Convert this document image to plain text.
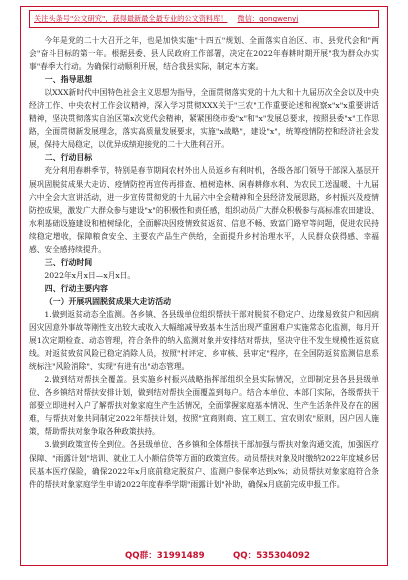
关注头条号"公文研究"，获得最新最全最专业的公文资料库！ 微信：gongwenyj

今年是党的二十大召开之年，也是加快实施"十四五"规划、全面落实自治区、市、县党代会和"两会"奋斗目标的第一年。根据县委、县人民政府工作部署，决定在2022年春耕时期开展"我为群众办实事"春季大行动。为确保行动顺利开展，结合我县实际，制定本方案。

一、指导思想

以XXX新时代中国特色社会主义思想为指导，全面贯彻落实党的十九大和十九届历次全会以及中央经济工作、中央农村工作会议精神，深入学习贯彻XXX关于"三农"工作重要论述和视察x"x"x重要讲话精神，坚决贯彻落实自治区第x次党代会精神，紧紧围绕市委"x"和"x"发展总要求，按照县委"x"工作思路，全面贯彻新发展理念，落实高质量发展要求，实施"x战略"，建设"x"，统筹疫情防控和经济社会发展，保持大局稳定，以优异成绩迎接党的二十大胜利召开。

二、行动目标

充分利用春耕季节，特别是春节期间农村外出人员返乡有利时机，各级各部门领导干部深入基层开展巩固脱贫成果大走访、疫情防控再宣传再排查、植树造林、闲春耕修水利、为农民工送温暖、十九届六中全会大宣讲活动，进一步宣传贯彻党的十九届六中全会精神和全县经济发展思路，乡村振兴及疫情防控成果，激发广大群众参与建设"x"的积极性和责任感，组织动员广大群众积极参与高标准农田建设、水利基础设施建设和植树绿化，全面解决因疫情致贫返贫、信息不畅、致富门路窄等问题，促进农民持续稳定增收，保障粮食安全、主要农产品生产供给，全面提升乡村治理水平，人民群众获得感、幸福感、安全感持续提升。

三、行动时间

2022年x月x日—x月x日。

四、行动主要内容

（一）开展巩固脱贫成果大走访活动

1.做到返贫动态全监测。各乡镇、各县级单位组织帮扶干部对脱贫不稳定户、边缘易致贫户和因病因灾因意外事故等刚性支出较大或收入大幅缩减导致基本生活出现严重困难户实施常态化监测，每月开展1次定期检查、动态管理，符合条件的纳入监测对象并安排结对帮扶，坚决守住不发生规模性返贫底线。对返贫致贫风险已稳定消除人员，按照"村评定、乡审核、县审定"程序，在全国防返贫监测信息系统标注"风险消除"、实现"有进有出"动态管理。

2.做到结对帮扶全覆盖。县实施乡村振兴战略指挥部组织全县实际情况，立即制定县各县县级单位、各乡镇结对帮扶安排计划，做到结对帮扶全面覆盖到每户。结合本单位、本部门实际，各级帮扶干部要立即进村入户了解帮扶对象家庭生产生活情况，全面掌握家庭基本情况、生产生活条件及存在的困难，与帮扶对象共同制定2022年帮扶计划，按照"宜商则商、宜工则工、宜农则农"原则，因户因人施策，帮助帮扶对象争取各种政策扶持。

3.做到政策宣传全到位。各县级单位、各乡镇和全体帮扶干部加强与帮扶对象沟通交流，加强医疗保障、"雨露计划"培训、就业工人小额信贷等方面的政策宣传。动员帮扶对象及时缴纳2022年度城乡居民基本医疗保险，确保2022年x月底前稳定脱贫户、监测户参保率达到x%；动员帮扶对象家庭符合条件的帮扶对象家庭学生申请2022年度春季学期"雨露计划"补助，确保x月底前完成申报工作。

QQ群：31991489	QQ：535304092
